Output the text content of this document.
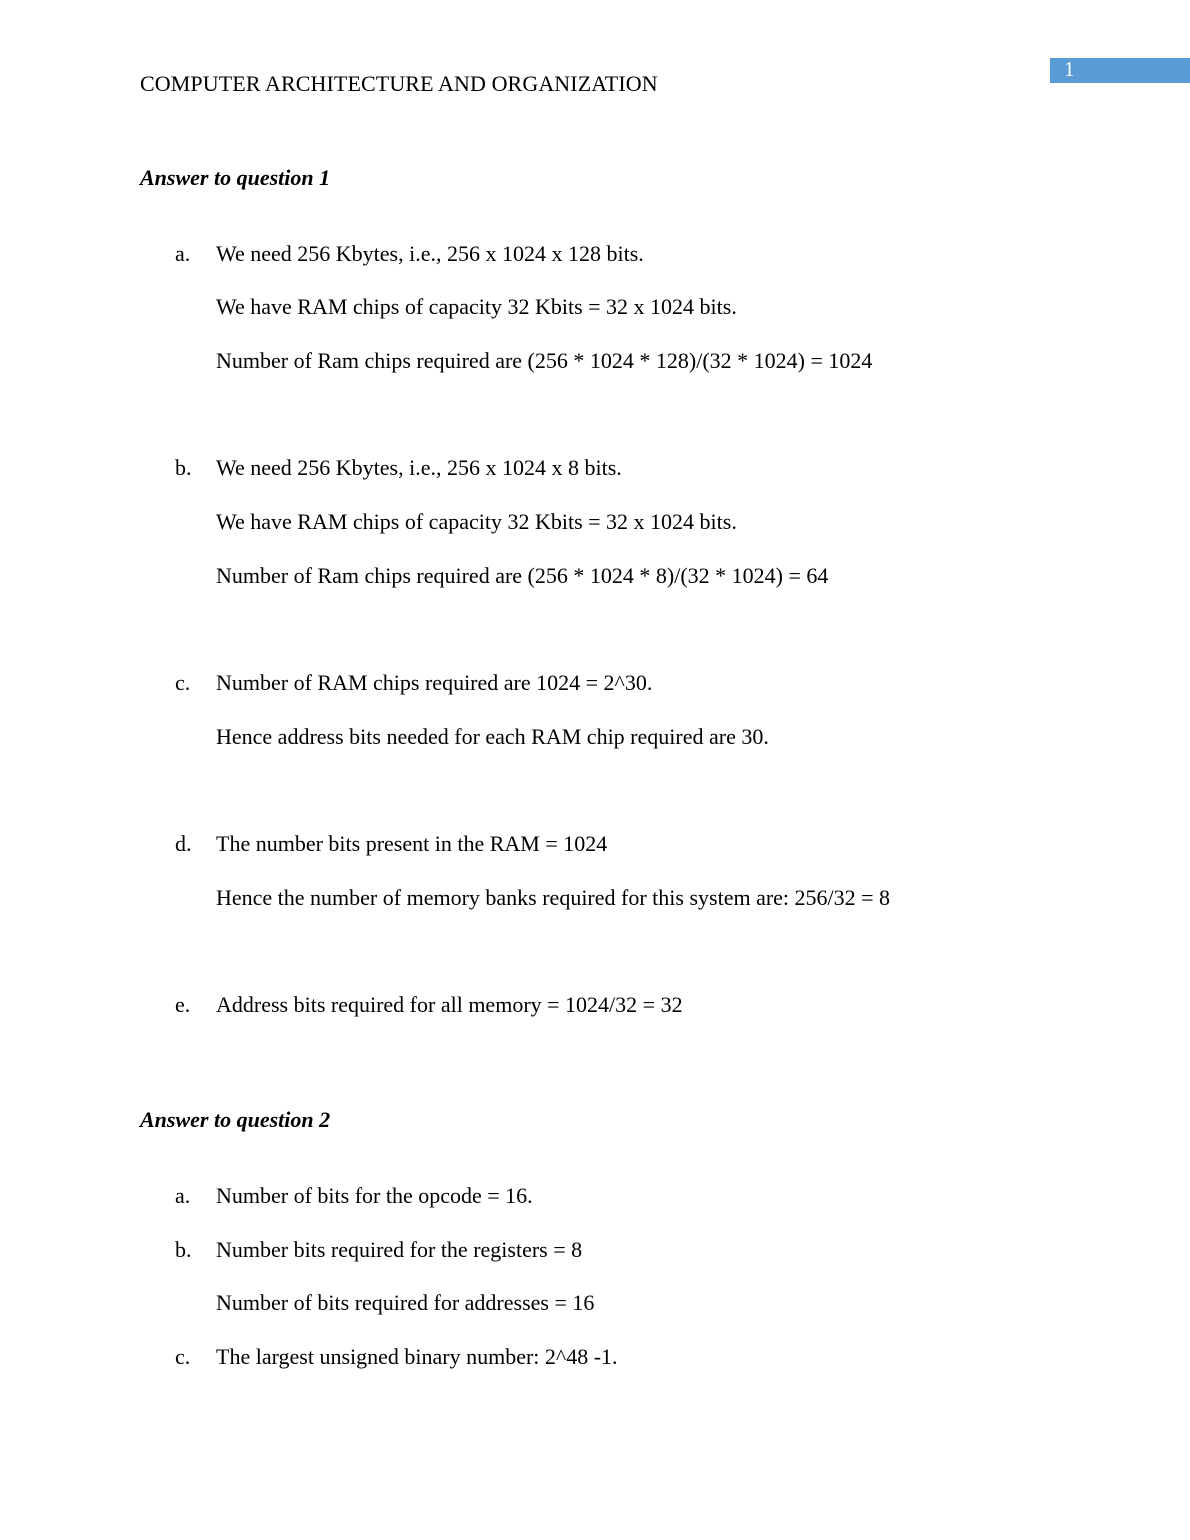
1
COMPUTER ARCHITECTURE AND ORGANIZATION
Answer to question 1
a. We need 256 Kbytes, i.e., 256 x 1024 x 128 bits.
We have RAM chips of capacity 32 Kbits = 32 x 1024 bits.
Number of Ram chips required are (256 * 1024 * 128)/(32 * 1024) = 1024
b. We need 256 Kbytes, i.e., 256 x 1024 x 8 bits.
We have RAM chips of capacity 32 Kbits = 32 x 1024 bits.
Number of Ram chips required are (256 * 1024 * 8)/(32 * 1024) = 64
c. Number of RAM chips required are 1024 = 2^30.
Hence address bits needed for each RAM chip required are 30.
d. The number bits present in the RAM = 1024
Hence the number of memory banks required for this system are: 256/32 = 8
e. Address bits required for all memory = 1024/32 = 32
Answer to question 2
a. Number of bits for the opcode = 16.
b. Number bits required for the registers = 8
Number of bits required for addresses = 16
c. The largest unsigned binary number: 2^48 -1.
